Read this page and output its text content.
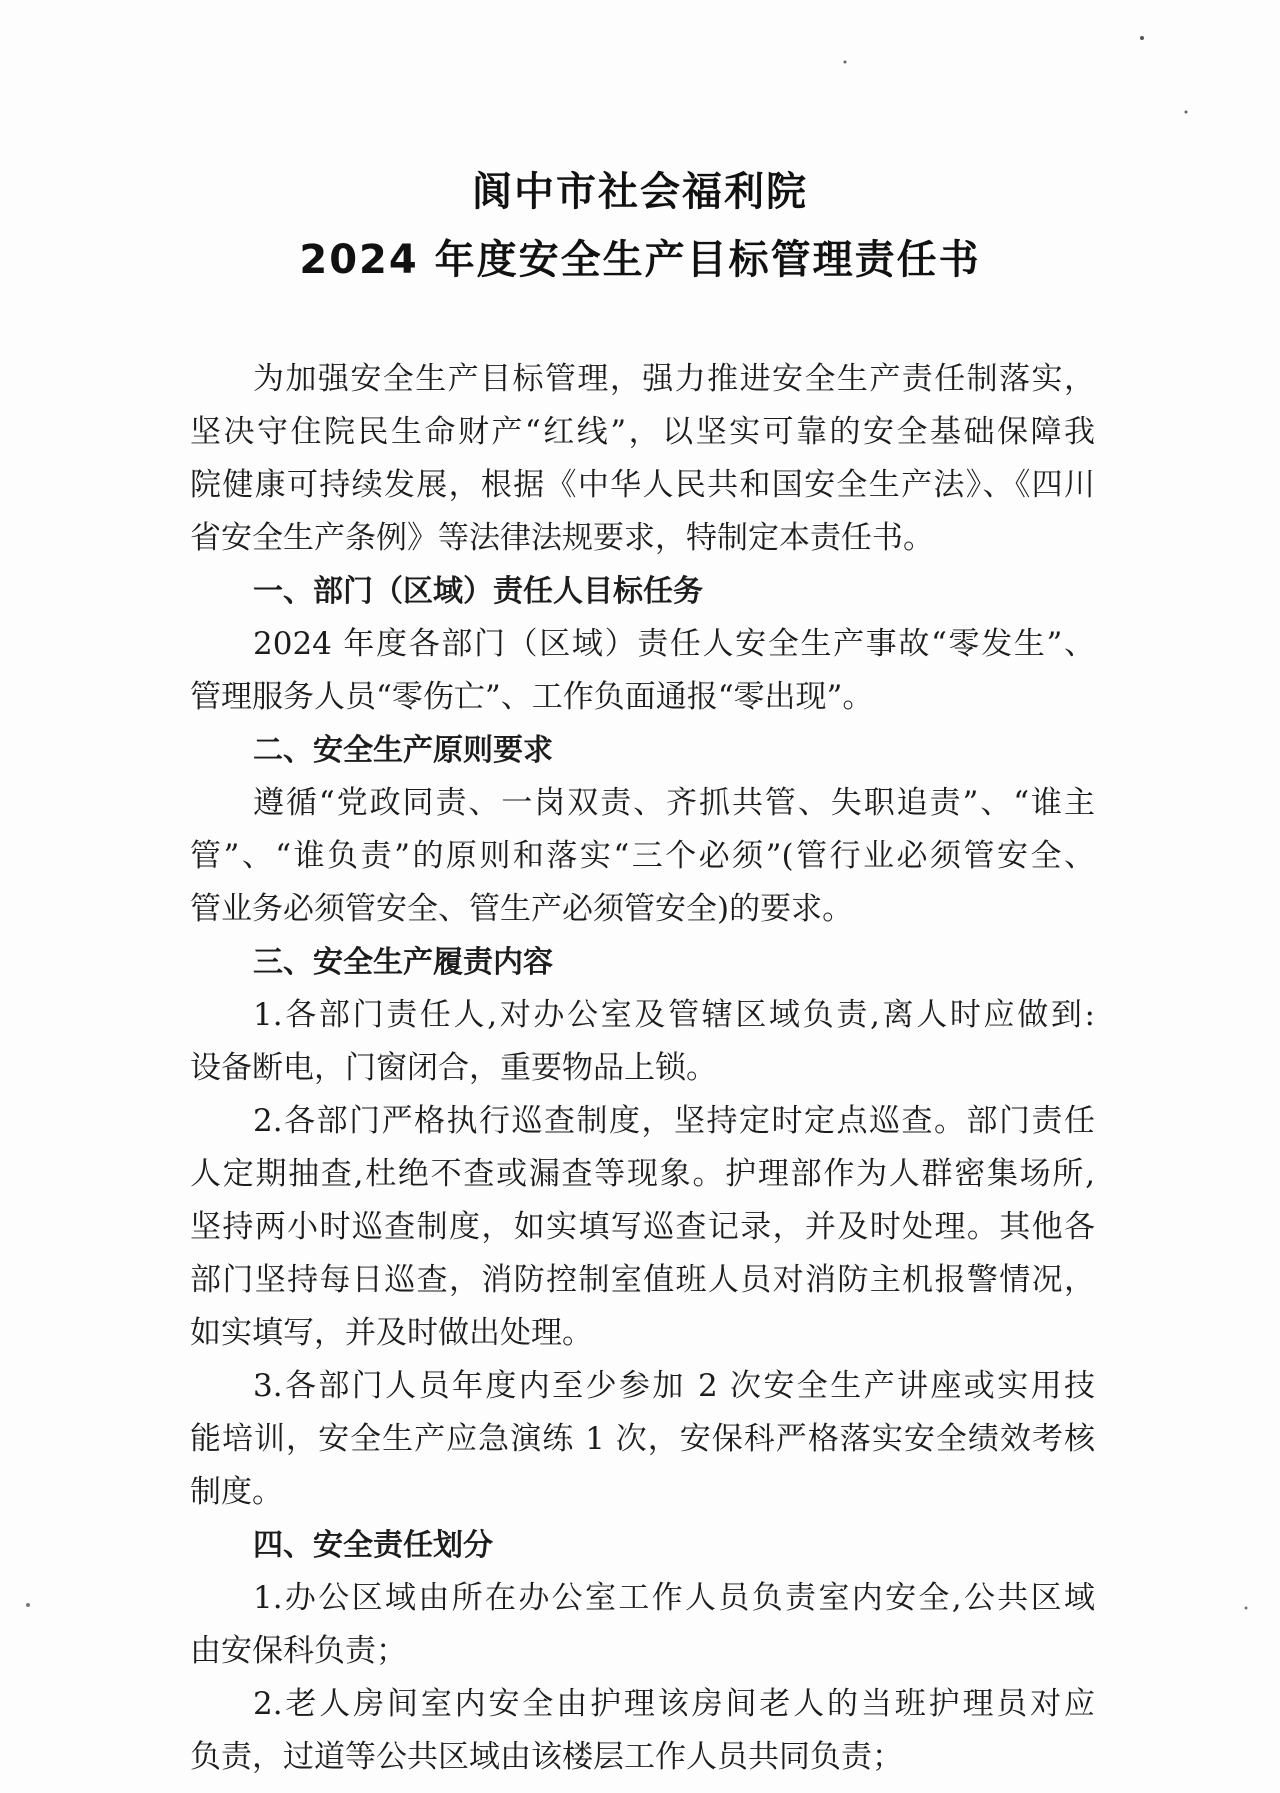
阆中市社会福利院
2024 年度安全生产目标管理责任书
为加强安全生产目标管理，强力推进安全生产责任制落实，
坚决守住院民生命财产“红线”，以坚实可靠的安全基础保障我
院健康可持续发展，根据《中华人民共和国安全生产法》、《四川
省安全生产条例》等法律法规要求，特制定本责任书。
一、部门（区域）责任人目标任务
2024 年度各部门（区域）责任人安全生产事故“零发生”、
管理服务人员“零伤亡”、工作负面通报“零出现”。
二、安全生产原则要求
遵循“党政同责、一岗双责、齐抓共管、失职追责”、“谁主
管”、“谁负责”的原则和落实“三个必须”(管行业必须管安全、
管业务必须管安全、管生产必须管安全)的要求。
三、安全生产履责内容
1.各部门责任人,对办公室及管辖区域负责,离人时应做到:
设备断电，门窗闭合，重要物品上锁。
2.各部门严格执行巡查制度，坚持定时定点巡查。部门责任
人定期抽查,杜绝不查或漏查等现象。护理部作为人群密集场所,
坚持两小时巡查制度，如实填写巡查记录，并及时处理。其他各
部门坚持每日巡查，消防控制室值班人员对消防主机报警情况，
如实填写，并及时做出处理。
3.各部门人员年度内至少参加 2 次安全生产讲座或实用技
能培训，安全生产应急演练 1 次，安保科严格落实安全绩效考核
制度。
四、安全责任划分
1.办公区域由所在办公室工作人员负责室内安全,公共区域
由安保科负责；
2.老人房间室内安全由护理该房间老人的当班护理员对应
负责，过道等公共区域由该楼层工作人员共同负责；
